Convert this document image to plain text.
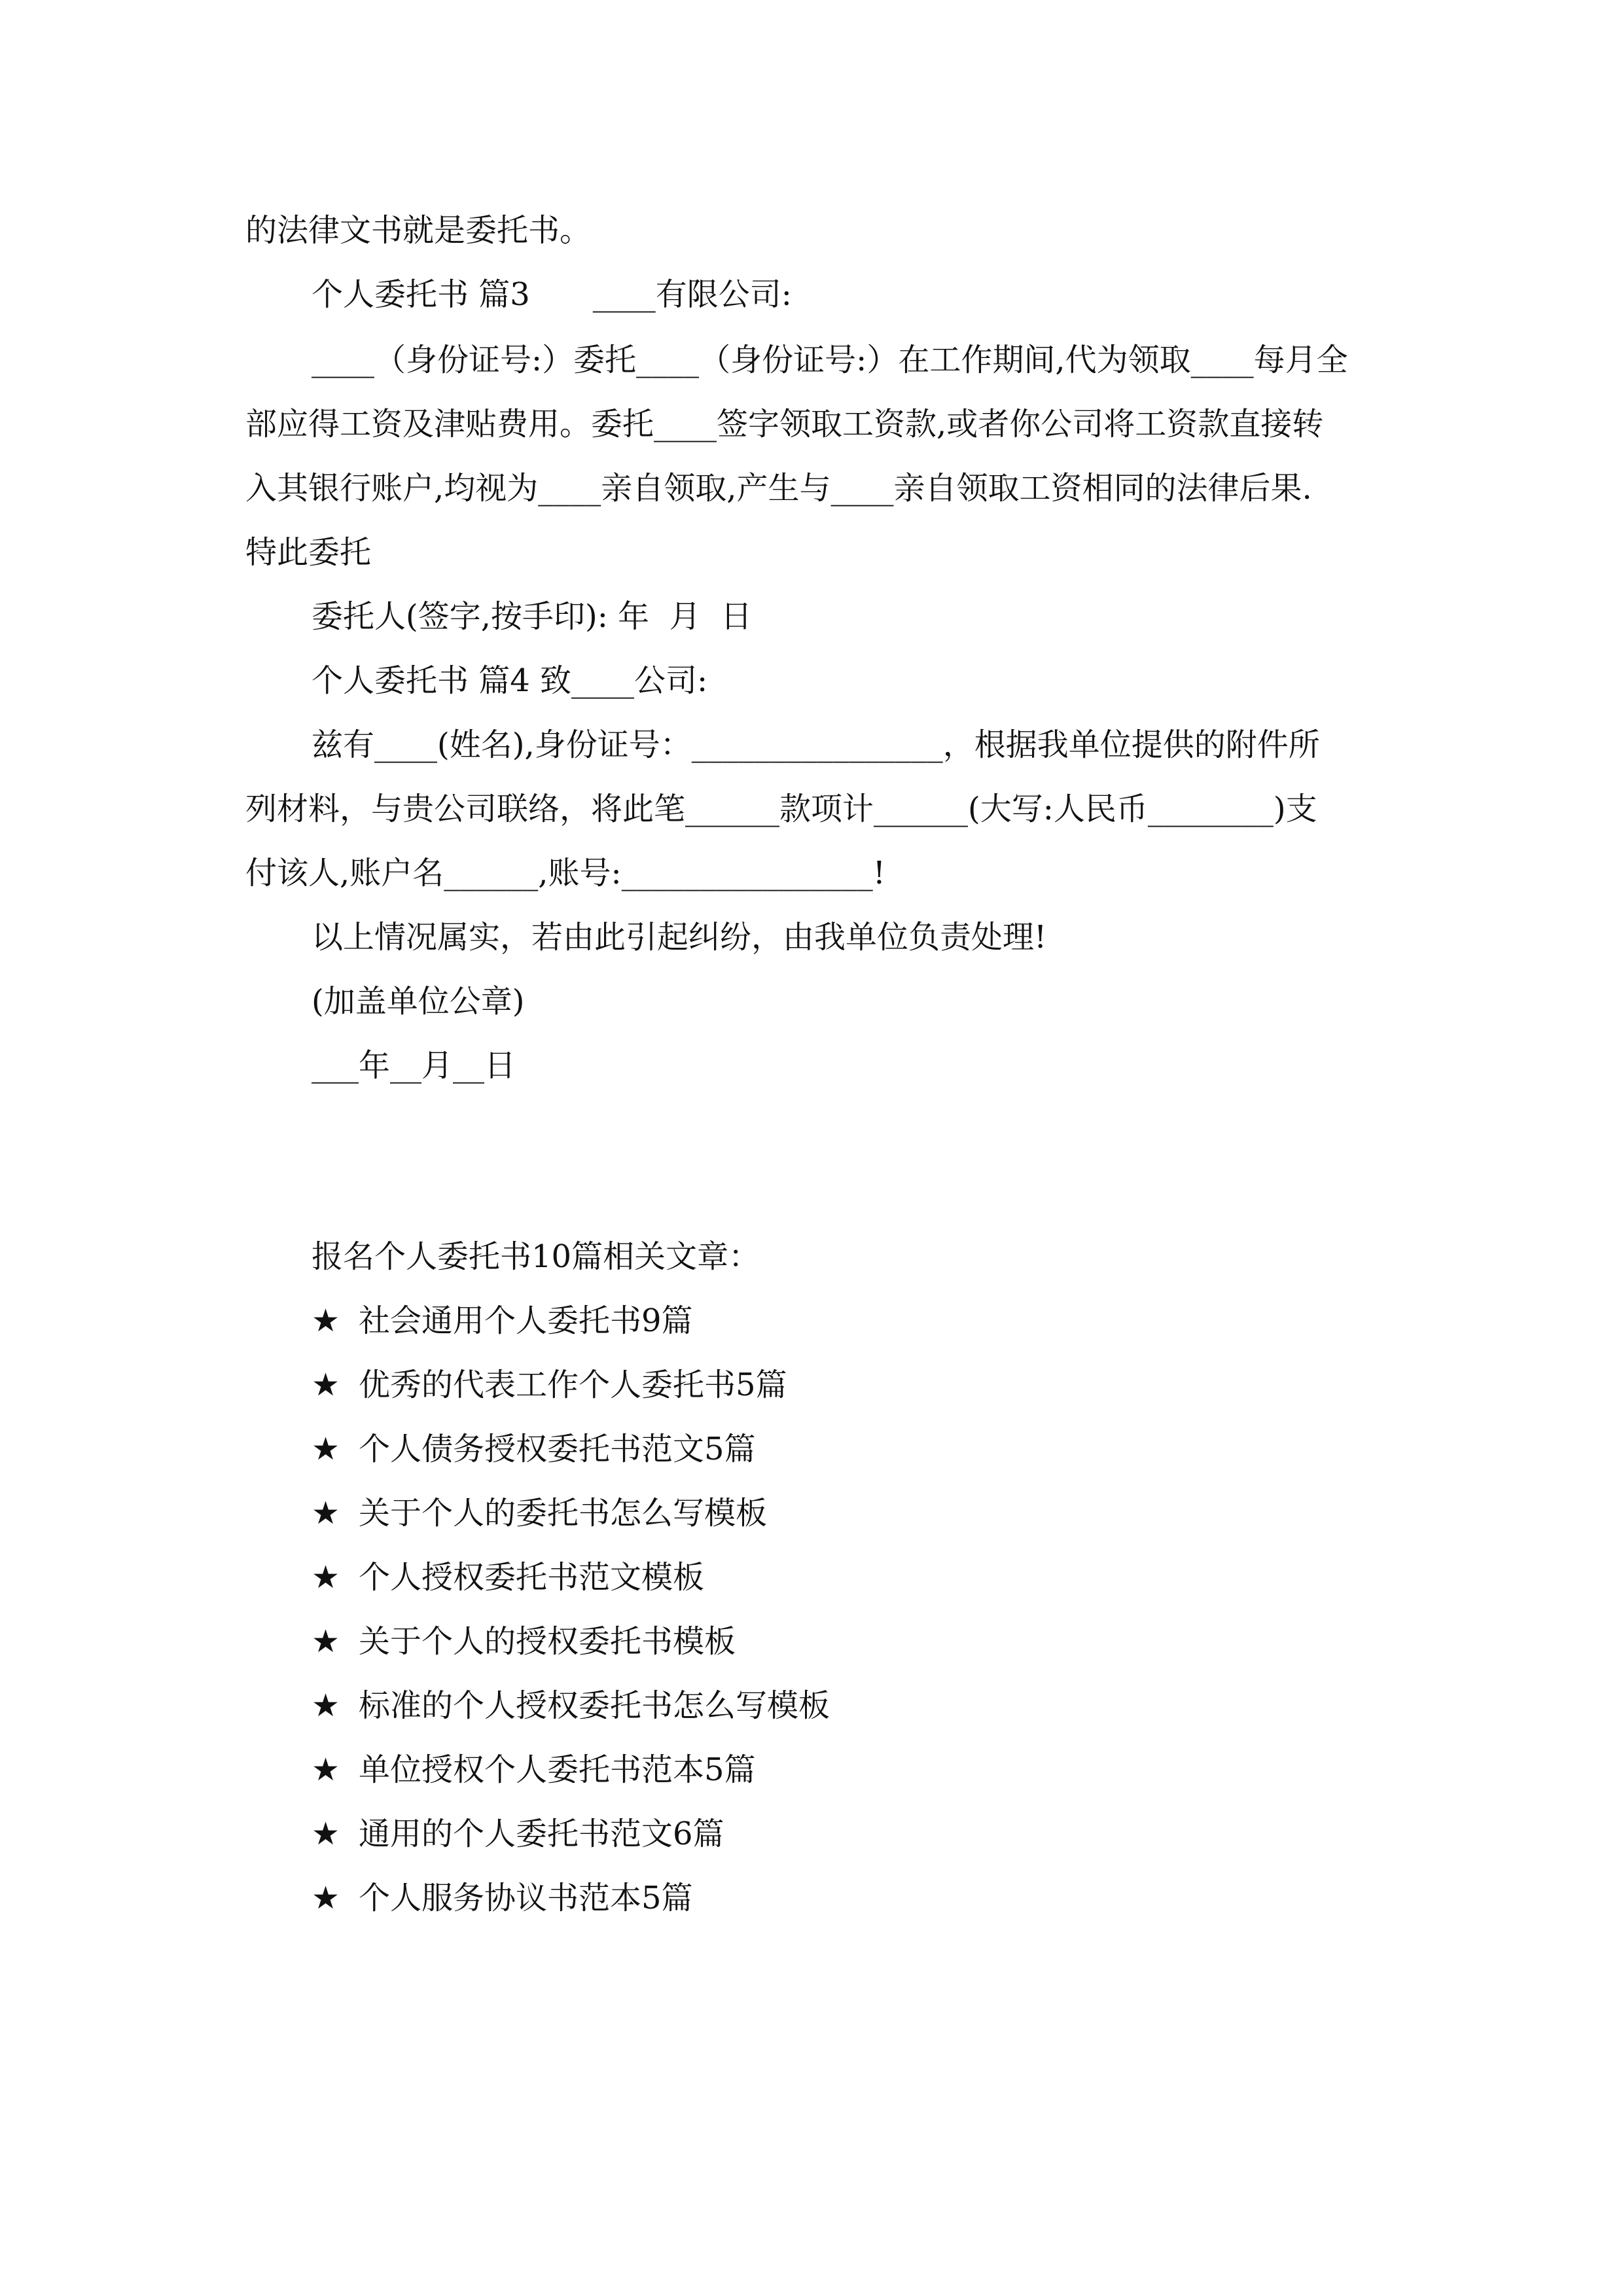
的法律文书就是委托书。
个人委托书 篇3　　____有限公司:
____（身份证号:）委托____（身份证号:）在工作期间,代为领取____每月全
部应得工资及津贴费用。委托____签字领取工资款,或者你公司将工资款直接转
入其银行账户,均视为____亲自领取,产生与____亲自领取工资相同的法律后果.
特此委托
委托人(签字,按手印): 年  月  日
个人委托书 篇4 致____公司:
兹有____(姓名),身份证号：________________，根据我单位提供的附件所
列材料，与贵公司联络，将此笔______款项计______(大写:人民币________)支
付该人,账户名______,账号:________________!
以上情况属实，若由此引起纠纷，由我单位负责处理!
(加盖单位公章)
___年__月__日
报名个人委托书10篇相关文章：
★ 社会通用个人委托书9篇
★ 优秀的代表工作个人委托书5篇
★ 个人债务授权委托书范文5篇
★ 关于个人的委托书怎么写模板
★ 个人授权委托书范文模板
★ 关于个人的授权委托书模板
★ 标准的个人授权委托书怎么写模板
★ 单位授权个人委托书范本5篇
★ 通用的个人委托书范文6篇
★ 个人服务协议书范本5篇
